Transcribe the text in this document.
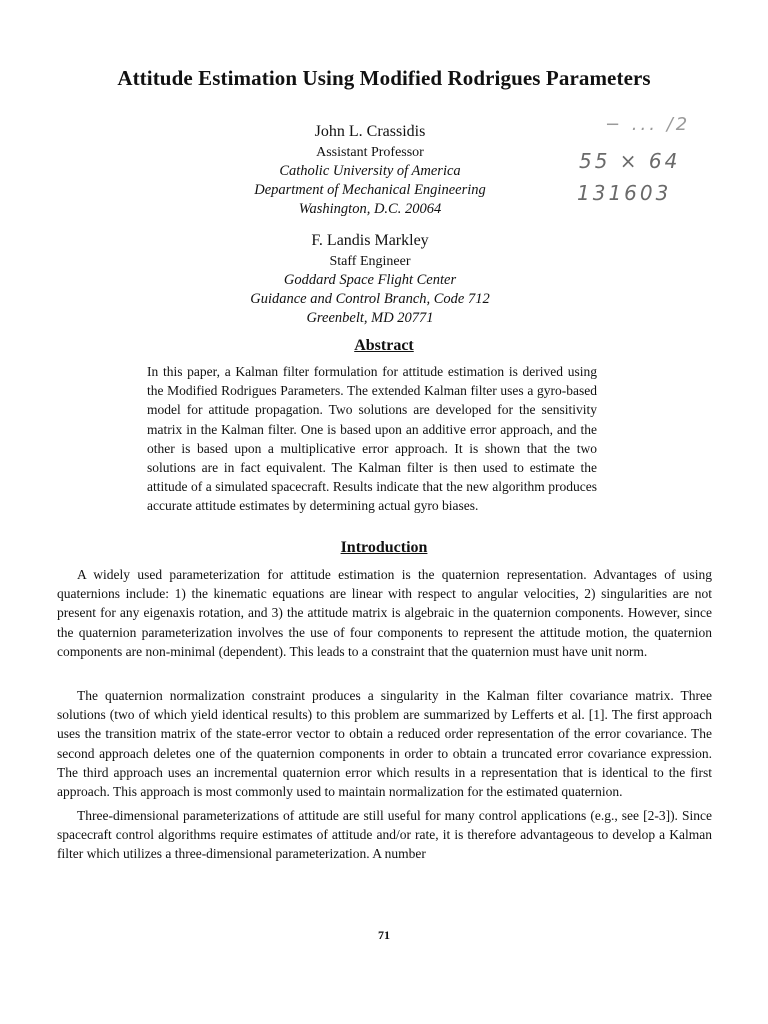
Attitude Estimation Using Modified Rodrigues Parameters
John L. Crassidis
Assistant Professor
Catholic University of America
Department of Mechanical Engineering
Washington, D.C. 20064
− ... /2
55 × 64
131603
F. Landis Markley
Staff Engineer
Goddard Space Flight Center
Guidance and Control Branch, Code 712
Greenbelt, MD 20771
Abstract
In this paper, a Kalman filter formulation for attitude estimation is derived using the Modified Rodrigues Parameters. The extended Kalman filter uses a gyro-based model for attitude propagation. Two solutions are developed for the sensitivity matrix in the Kalman filter. One is based upon an additive error approach, and the other is based upon a multiplicative error approach. It is shown that the two solutions are in fact equivalent. The Kalman filter is then used to estimate the attitude of a simulated spacecraft. Results indicate that the new algorithm produces accurate attitude estimates by determining actual gyro biases.
Introduction
A widely used parameterization for attitude estimation is the quaternion representation. Advantages of using quaternions include: 1) the kinematic equations are linear with respect to angular velocities, 2) singularities are not present for any eigenaxis rotation, and 3) the attitude matrix is algebraic in the quaternion components. However, since the quaternion parameterization involves the use of four components to represent the attitude motion, the quaternion components are non-minimal (dependent). This leads to a constraint that the quaternion must have unit norm.
The quaternion normalization constraint produces a singularity in the Kalman filter covariance matrix. Three solutions (two of which yield identical results) to this problem are summarized by Lefferts et al. [1]. The first approach uses the transition matrix of the state-error vector to obtain a reduced order representation of the error covariance. The second approach deletes one of the quaternion components in order to obtain a truncated error covariance expression. The third approach uses an incremental quaternion error which results in a representation that is identical to the first approach. This approach is most commonly used to maintain normalization for the estimated quaternion.
Three-dimensional parameterizations of attitude are still useful for many control applications (e.g., see [2-3]). Since spacecraft control algorithms require estimates of attitude and/or rate, it is therefore advantageous to develop a Kalman filter which utilizes a three-dimensional parameterization. A number
71
